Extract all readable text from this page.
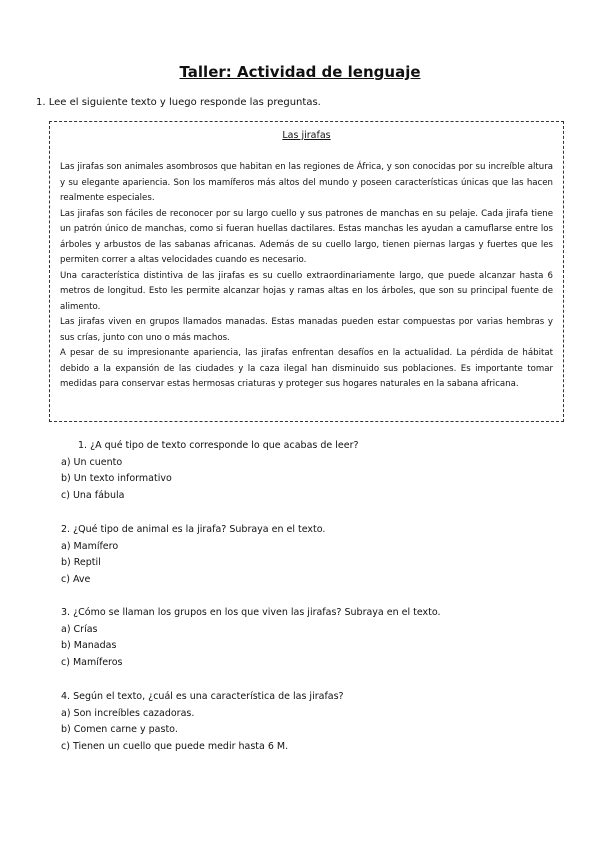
Taller: Actividad de lenguaje
1. Lee el siguiente texto y luego responde las preguntas.
Las jirafas

Las jirafas son animales asombrosos que habitan en las regiones de África, y son conocidas por su increíble altura y su elegante apariencia. Son los mamíferos más altos del mundo y poseen características únicas que las hacen realmente especiales.

Las jirafas son fáciles de reconocer por su largo cuello y sus patrones de manchas en su pelaje. Cada jirafa tiene un patrón único de manchas, como si fueran huellas dactilares. Estas manchas les ayudan a camuflarse entre los árboles y arbustos de las sabanas africanas. Además de su cuello largo, tienen piernas largas y fuertes que les permiten correr a altas velocidades cuando es necesario.

Una característica distintiva de las jirafas es su cuello extraordinariamente largo, que puede alcanzar hasta 6 metros de longitud. Esto les permite alcanzar hojas y ramas altas en los árboles, que son su principal fuente de alimento.

Las jirafas viven en grupos llamados manadas. Estas manadas pueden estar compuestas por varias hembras y sus crías, junto con uno o más machos.

A pesar de su impresionante apariencia, las jirafas enfrentan desafíos en la actualidad. La pérdida de hábitat debido a la expansión de las ciudades y la caza ilegal han disminuido sus poblaciones. Es importante tomar medidas para conservar estas hermosas criaturas y proteger sus hogares naturales en la sabana africana.

1. ¿A qué tipo de texto corresponde lo que acabas de leer?
a) Un cuento
b) Un texto informativo
c) Una fábula
2. ¿Qué tipo de animal es la jirafa? Subraya en el texto.
a) Mamífero
b) Reptil
c) Ave
3. ¿Cómo se llaman los grupos en los que viven las jirafas? Subraya en el texto.
a) Crías
b) Manadas
c) Mamíferos
4. Según el texto, ¿cuál es una característica de las jirafas?
a) Son increíbles cazadoras.
b) Comen carne y pasto.
c) Tienen un cuello que puede medir hasta 6 M.
